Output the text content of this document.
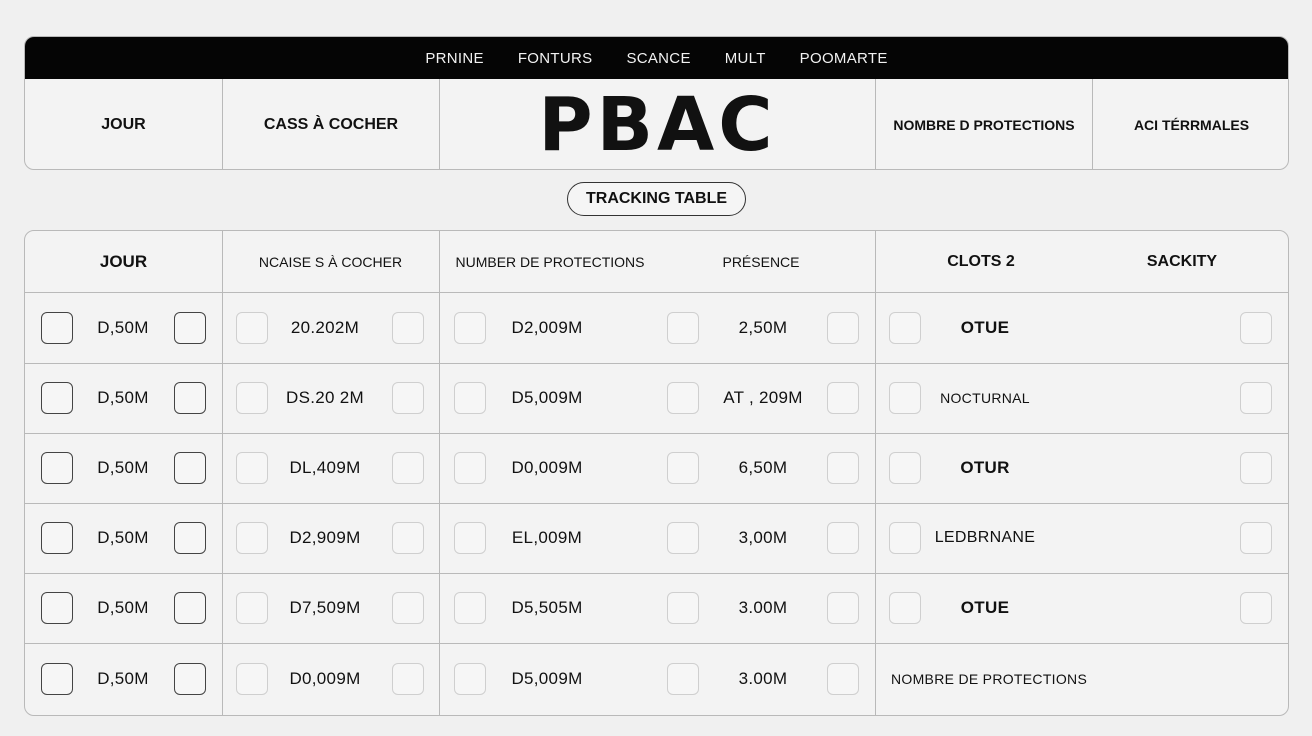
PRNINE FONTURS SCANCE MULT POOMARTE
JOUR	CASS À COCHER	PBAC	NOMBRE D PROTECTIONS	ACI TÉRRMALES
TRACKING TABLE
JOUR	NCAISE S À COCHER	NUMBER DE PROTECTIONS	PRÉSENCE	CLOTS 2	SACKITY
D,50M	20.202M	D2,009M	2,50M	OTUE
D,50M	DS.20 2M	D5,009M	AT , 209M	NOCTURNAL
D,50M	DL,409M	D0,009M	6,50M	OTUR
D,50M	D2,909M	EL,009M	3,00M	LEDBRNANE
D,50M	D7,509M	D5,505M	3.00M	OTUE
D,50M	D0,009M	D5,009M	3.00M	NOMBRE DE PROTECTIONS
